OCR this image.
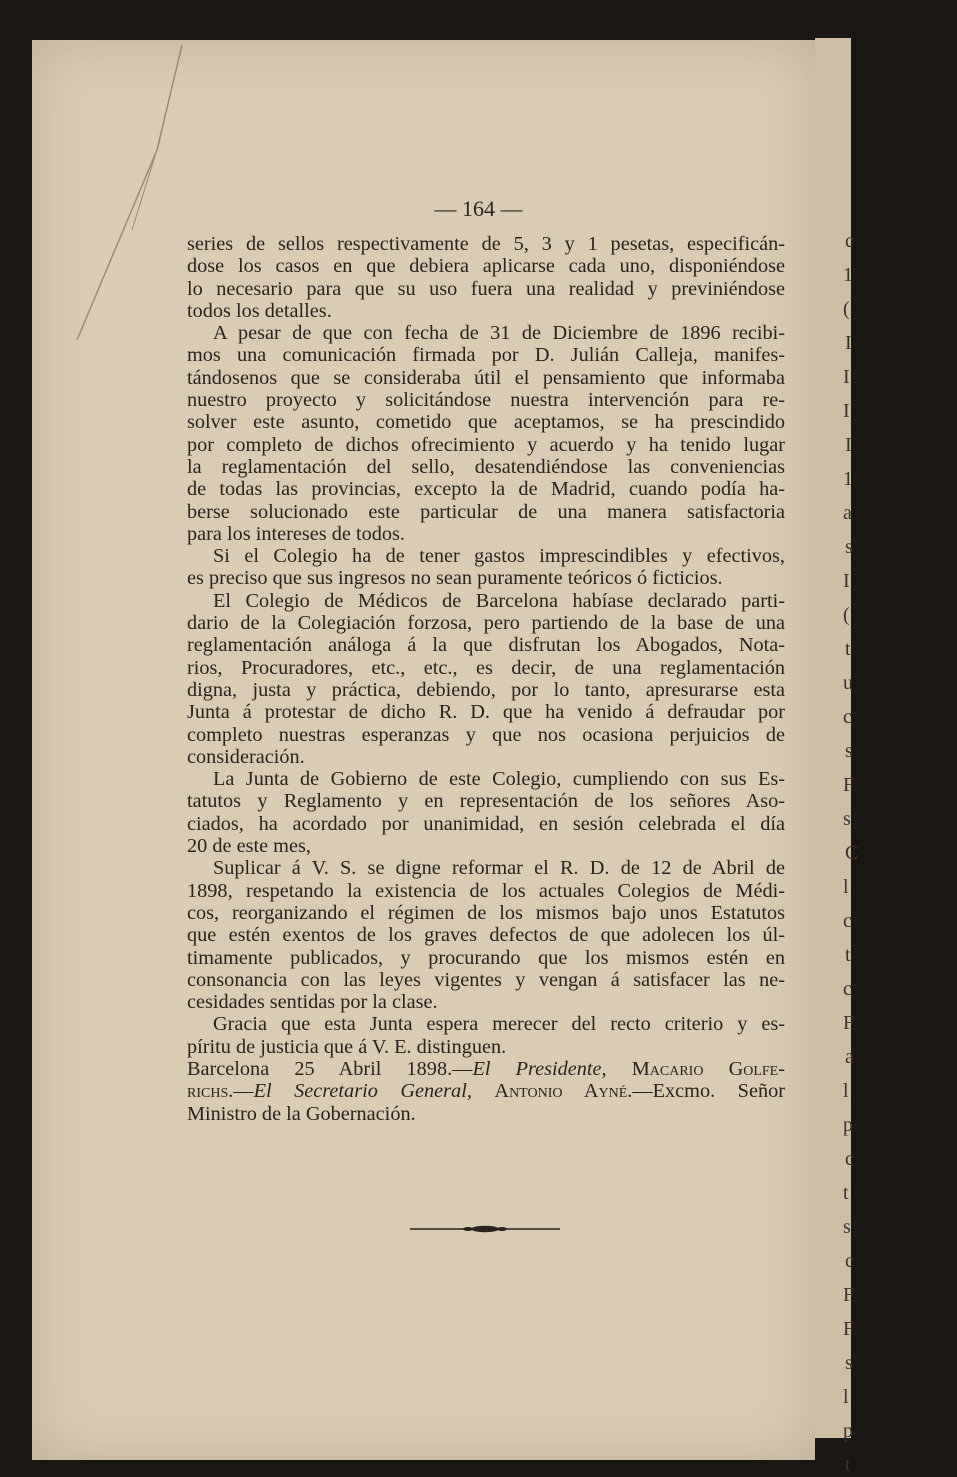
c
1
(
I
I
I
I
1
a
s
I
(
t
u
c
s
F
s
C
l
c
t
c
F
a
l
p
c
t
s
c
F
F
s
l
p
t
— 164 —
series de sellos respectivamente de 5, 3 y 1 pesetas, especificán-
dose los casos en que debiera aplicarse cada uno, disponiéndose
lo necesario para que su uso fuera una realidad y previniéndose
todos los detalles.
A pesar de que con fecha de 31 de Diciembre de 1896 recibi-
mos una comunicación firmada por D. Julián Calleja, manifes-
tándosenos que se consideraba útil el pensamiento que informaba
nuestro proyecto y solicitándose nuestra intervención para re-
solver este asunto, cometido que aceptamos, se ha prescindido
por completo de dichos ofrecimiento y acuerdo y ha tenido lugar
la reglamentación del sello, desatendiéndose las conveniencias
de todas las provincias, excepto la de Madrid, cuando podía ha-
berse solucionado este particular de una manera satisfactoria
para los intereses de todos.
Si el Colegio ha de tener gastos imprescindibles y efectivos,
es preciso que sus ingresos no sean puramente teóricos ó ficticios.
El Colegio de Médicos de Barcelona habíase declarado parti-
dario de la Colegiación forzosa, pero partiendo de la base de una
reglamentación análoga á la que disfrutan los Abogados, Nota-
rios, Procuradores, etc., etc., es decir, de una reglamentación
digna, justa y práctica, debiendo, por lo tanto, apresurarse esta
Junta á protestar de dicho R. D. que ha venido á defraudar por
completo nuestras esperanzas y que nos ocasiona perjuicios de
consideración.
La Junta de Gobierno de este Colegio, cumpliendo con sus Es-
tatutos y Reglamento y en representación de los señores Aso-
ciados, ha acordado por unanimidad, en sesión celebrada el día
20 de este mes,
Suplicar á V. S. se digne reformar el R. D. de 12 de Abril de
1898, respetando la existencia de los actuales Colegios de Médi-
cos, reorganizando el régimen de los mismos bajo unos Estatutos
que estén exentos de los graves defectos de que adolecen los úl-
timamente publicados, y procurando que los mismos estén en
consonancia con las leyes vigentes y vengan á satisfacer las ne-
cesidades sentidas por la clase.
Gracia que esta Junta espera merecer del recto criterio y es-
píritu de justicia que á V. E. distinguen.
Barcelona 25 Abril 1898.—El Presidente, Macario Golfe-
richs.—El Secretario General, Antonio Ayné.—Excmo. Señor
Ministro de la Gobernación.
